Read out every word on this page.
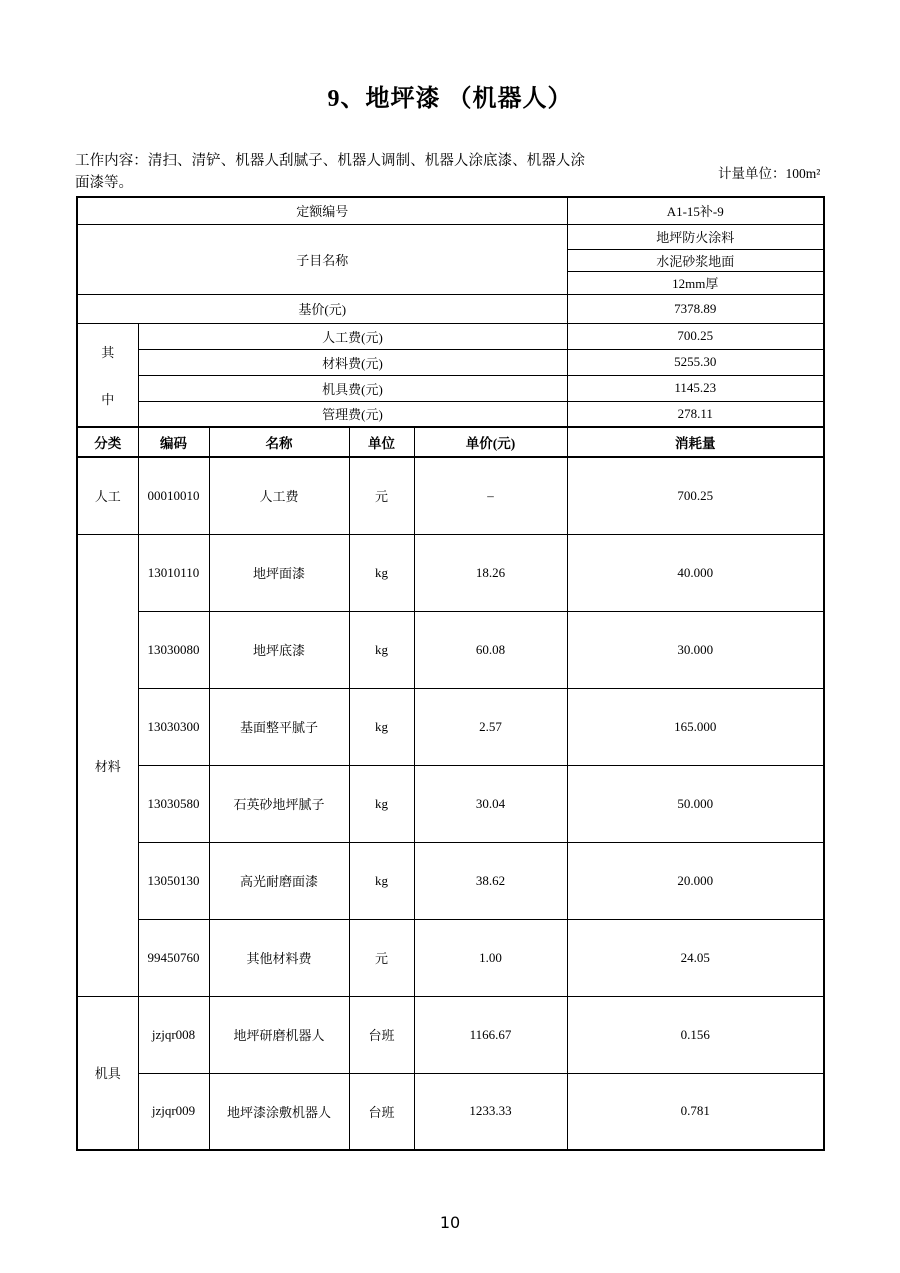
9、地坪漆 （机器人）
工作内容：清扫、清铲、机器人刮腻子、机器人调制、机器人涂底漆、机器人涂面漆等。
计量单位：100m²
定额编号					A1-15补-9
子目名称					地坪防火涂料
					水泥砂浆地面
					12mm厚
基价(元)					7378.89

其
中	人工费(元)				700.25
	材料费(元)				5255.30
	机具费(元)				1145.23
	管理费(元)				278.11
分类	编码	名称	单位	单价(元)	消耗量
人工	00010010	人工费	元	–	700.25
材料	13010110	地坪面漆	kg	18.26	40.000
	13030080	地坪底漆	kg	60.08	30.000
	13030300	基面整平腻子	kg	2.57	165.000
	13030580	石英砂地坪腻子	kg	30.04	50.000
	13050130	高光耐磨面漆	kg	38.62	20.000
	99450760	其他材料费	元	1.00	24.05
机具	jzjqr008	地坪研磨机器人	台班	1166.67	0.156
	jzjqr009	地坪漆涂敷机器人	台班	1233.33	0.781
10
